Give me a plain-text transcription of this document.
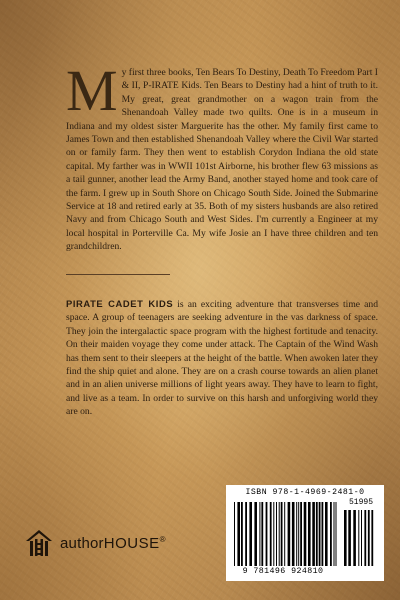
M y first three books, Ten Bears To Destiny, Death To Freedom Part I & II, P-IRATE Kids. Ten Bears to Destiny had a hint of truth to it. My great, great grandmother on a wagon train from the Shenandoah Valley made two quilts. One is in a museum in Indiana and my oldest sister Marguerite has the other. My family first came to James Town and then established Shenandoah Valley where the Civil War started on or family farm. They then went to establish Corydon Indiana the old state capital. My farther was in WWII 101st Airborne, his brother flew 63 missions as a tail gunner, another lead the Army Band, another stayed home and took care of the farm. I grew up in South Shore on Chicago South Side. Joined the Submarine Service at 18 and retired early at 35. Both of my sisters husbands are also retired Navy and from Chicago South and West Sides. I'm currently a Engineer at my local hospital in Porterville Ca. My wife Josie an I have three children and ten grandchildren.

PIRATE CADET KIDS is an exciting adventure that transverses time and space. A group of teenagers are seeking adventure in the vas darkness of space. They join the intergalactic space program with the highest fortitude and tenacity. On their maiden voyage they come under attack. The Captain of the Wind Wash has them sent to their sleepers at the height of the battle. When awoken later they find the ship quiet and alone. They are on a crash course towards an alien planet and in an alien universe millions of light years away. They have to learn to fight, and live as a team. In order to survive on this harsh and unforgiving world they are on.

authorHOUSE®
ISBN 978-1-4969-2481-0
51995
9 781496 924810
